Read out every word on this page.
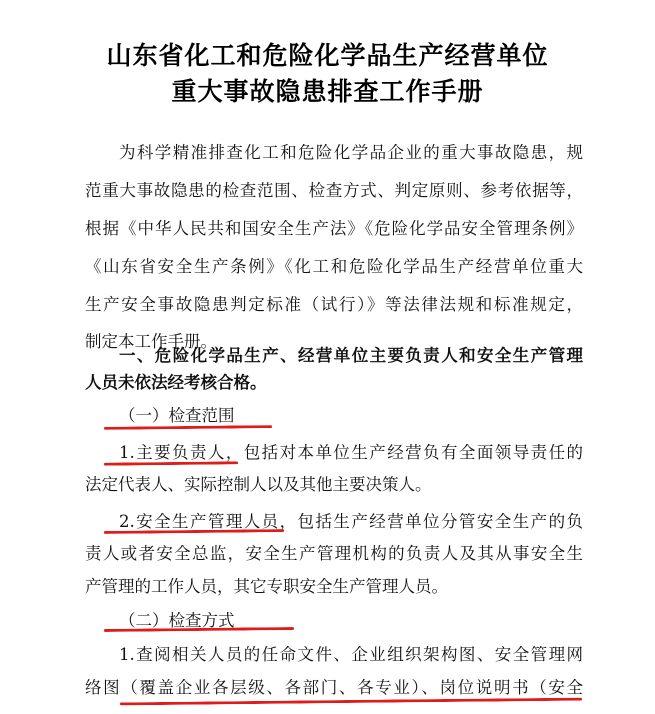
山东省化工和危险化学品生产经营单位
重大事故隐患排查工作手册
为科学精准排查化工和危险化学品企业的重大事故隐患，规
范重大事故隐患的检查范围、检查方式、判定原则、参考依据等，
根据《中华人民共和国安全生产法》《危险化学品安全管理条例》
《山东省安全生产条例》《化工和危险化学品生产经营单位重大
生产安全事故隐患判定标准（试行）》等法律法规和标准规定，
制定本工作手册。
一、危险化学品生产、经营单位主要负责人和安全生产管理
人员未依法经考核合格。
（一）检查范围
1.主要负责人，包括对本单位生产经营负有全面领导责任的
法定代表人、实际控制人以及其他主要决策人。
2.安全生产管理人员，包括生产经营单位分管安全生产的负
责人或者安全总监，安全生产管理机构的负责人及其从事安全生
产管理的工作人员，其它专职安全生产管理人员。
（二）检查方式
1.查阅相关人员的任命文件、企业组织架构图、安全管理网
络图（覆盖企业各层级、各部门、各专业）、岗位说明书（安全
